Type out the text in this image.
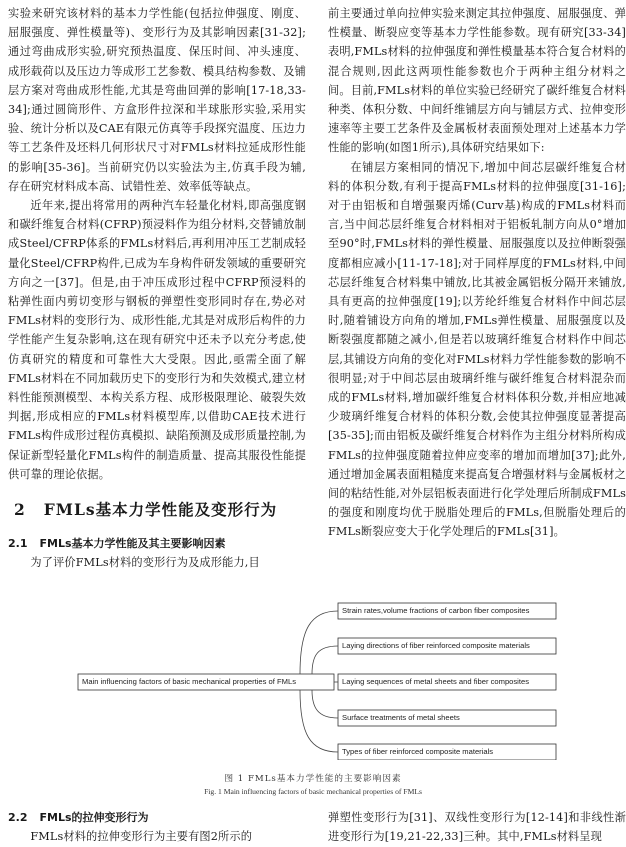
实验来研究该材料的基本力学性能(包括拉伸强度、刚度、屈服强度、弹性模量等)、变形行为及其影响因素[31-32];通过弯曲成形实验,研究预热温度、保压时间、冲头速度、成形载荷以及压边力等成形工艺参数、模具结构参数、及铺层方案对弯曲成形性能,尤其是弯曲回弹的影响[17-18,33-34];通过圆筒形件、方盒形件拉深和半球胀形实验,采用实验、统计分析以及CAE有限元仿真等手段探究温度、压边力等工艺条件及坯料几何形状尺寸对FMLs材料拉延成形性能的影响[35-36]。当前研究仍以实验法为主,仿真手段为辅,存在研究材料成本高、试错性差、效率低等缺点。

近年来,提出将常用的两种汽车轻量化材料,即高强度钢和碳纤维复合材料(CFRP)预浸料作为组分材料,交替铺放制成Steel/CFRP体系的FMLs材料后,再利用冲压工艺制成轻量化Steel/CFRP构件,已成为车身构件研发领域的重要研究方向之一[37]。但是,由于冲压成形过程中CFRP预浸料的粘弹性面内剪切变形与钢板的弹塑性变形同时存在,势必对FMLs材料的变形行为、成形性能,尤其是对成形后构件的力学性能产生复杂影响,这在现有研究中还未予以充分考虑,使仿真研究的精度和可靠性大大受限。因此,亟需全面了解FMLs材料在不同加载历史下的变形行为和失效模式,建立材料性能预测模型、本构关系方程、成形极限理论、破裂失效判据,形成相应的FMLs材料模型库,以借助CAE技术进行FMLs构件成形过程仿真模拟、缺陷预测及成形质量控制,为保证新型轻量化FMLs构件的制造质量、提高其服役性能提供可靠的理论依据。

2 FMLs基本力学性能及变形行为
2.1 FMLs基本力学性能及其主要影响因素

为了评价FMLs材料的变形行为及成形能力,目

前主要通过单向拉伸实验来测定其拉伸强度、屈服强度、弹性模量、断裂应变等基本力学性能参数。现有研究[33-34]表明,FMLs材料的拉伸强度和弹性模量基本符合复合材料的混合规则,因此这两项性能参数也介于两种主组分材料之间。目前,FMLs材料的单位实验已经研究了碳纤维复合材料种类、体积分数、中间纤维铺层方向与铺层方式、拉伸变形速率等主要工艺条件及金属板材表面预处理对上述基本力学性能的影响(如图1所示),具体研究结果如下:

在铺层方案相同的情况下,增加中间芯层碳纤维复合材料的体积分数,有利于提高FMLs材料的拉伸强度[31-16];对于由铝板和自增强聚丙烯(Curv基)构成的FMLs材料而言,当中间芯层纤维复合材料相对于铝板轧制方向从0°增加至90°时,FMLs材料的弹性模量、屈服强度以及拉伸断裂强度都相应减小[11-17-18];对于同样厚度的FMLs材料,中间芯层纤维复合材料集中铺放,比其被金属铝板分隔开来铺放,具有更高的拉伸强度[19];以芳纶纤维复合材料作中间芯层时,随着铺设方向角的增加,FMLs弹性模量、屈服强度以及断裂强度都随之减小,但是若以玻璃纤维复合材料作中间芯层,其铺设方向角的变化对FMLs材料力学性能参数的影响不很明显;对于中间芯层由玻璃纤维与碳纤维复合材料混杂而成的FMLs材料,增加碳纤维复合材料体积分数,并相应地减少玻璃纤维复合材料的体积分数,会使其拉伸强度显著提高[35-35];而由铝板及碳纤维复合材料作为主组分材料所构成FMLs的拉伸强度随着拉伸应变率的增加而增加[37];此外,通过增加金属表面粗糙度来提高复合增强材料与金属板材之间的粘结性能,对外层铝板表面进行化学处理后所制成FMLs的强度和刚度均优于脱脂处理后的FMLs,但脱脂处理后的FMLs断裂应变大于化学处理后的FMLs[31]。

Main influencing factors of basic mechanical properties of FMLs
Strain rates,volume fractions of carbon fiber composites
Laying directions of fiber reinforced composite materials
Laying sequences of metal sheets and fiber composites
Surface treatments of metal sheets
Types of fiber reinforced composite materials
图 1 FMLs基本力学性能的主要影响因素
Fig. 1 Main influencing factors of basic mechanical properties of FMLs
2.2 FMLs的拉伸变形行为

FMLs材料的拉伸变形行为主要有图2所示的

弹塑性变形行为[31]、双线性变形行为[12-14]和非线性渐进变形行为[19,21-22,33]三种。其中,FMLs材料呈现
